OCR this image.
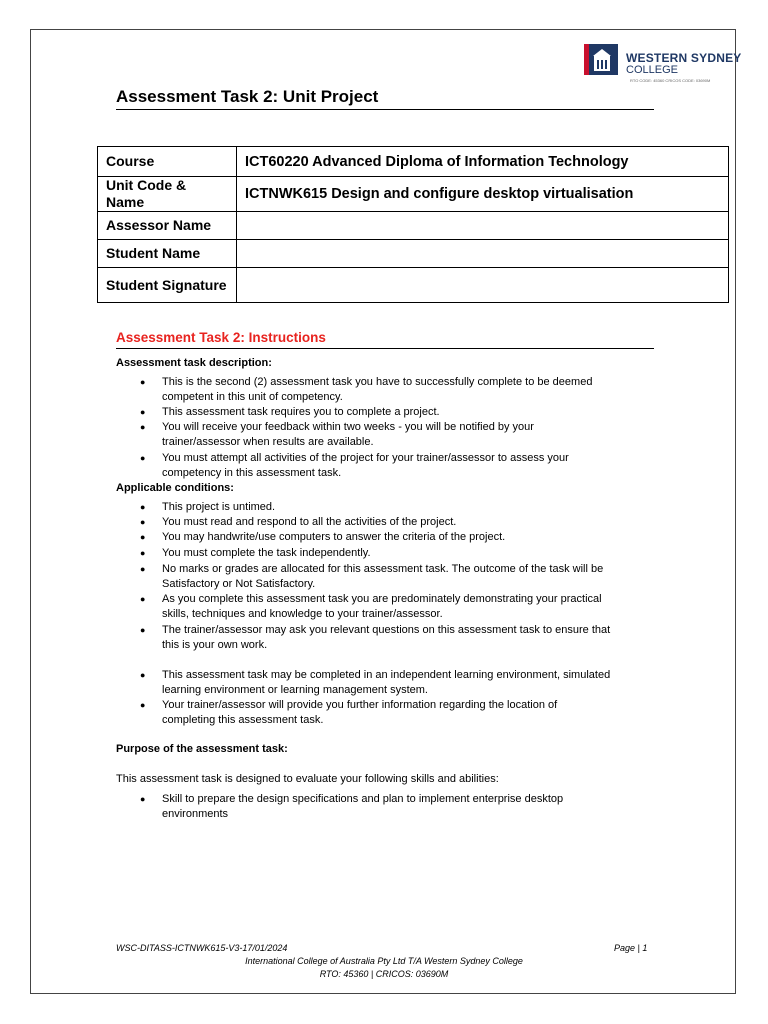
WESTERN SYDNEY
COLLEGE
RTO CODE: 45360 CRICOS CODE: 03690M
Assessment Task 2: Unit Project
Course	ICT60220 Advanced Diploma of Information Technology
Unit Code & Name	ICTNWK615 Design and configure desktop virtualisation
Assessor Name	
Student Name	
Student Signature	
Assessment Task 2: Instructions
Assessment task description:
● This is the second (2) assessment task you have to successfully complete to be deemed
competent in this unit of competency.
● This assessment task requires you to complete a project.
● You will receive your feedback within two weeks - you will be notified by your
trainer/assessor when results are available.
● You must attempt all activities of the project for your trainer/assessor to assess your
competency in this assessment task.
Applicable conditions:
● This project is untimed.
● You must read and respond to all the activities of the project.
● You may handwrite/use computers to answer the criteria of the project.
● You must complete the task independently.
● No marks or grades are allocated for this assessment task. The outcome of the task will be
Satisfactory or Not Satisfactory.
● As you complete this assessment task you are predominately demonstrating your practical
skills, techniques and knowledge to your trainer/assessor.
● The trainer/assessor may ask you relevant questions on this assessment task to ensure that
this is your own work.
● This assessment task may be completed in an independent learning environment, simulated
learning environment or learning management system.
● Your trainer/assessor will provide you further information regarding the location of
completing this assessment task.
Purpose of the assessment task:
This assessment task is designed to evaluate your following skills and abilities:
● Skill to prepare the design specifications and plan to implement enterprise desktop
environments
WSC-DITASS-ICTNWK615-V3-17/01/2024	Page | 1
International College of Australia Pty Ltd T/A Western Sydney College
RTO: 45360 | CRICOS: 03690M
